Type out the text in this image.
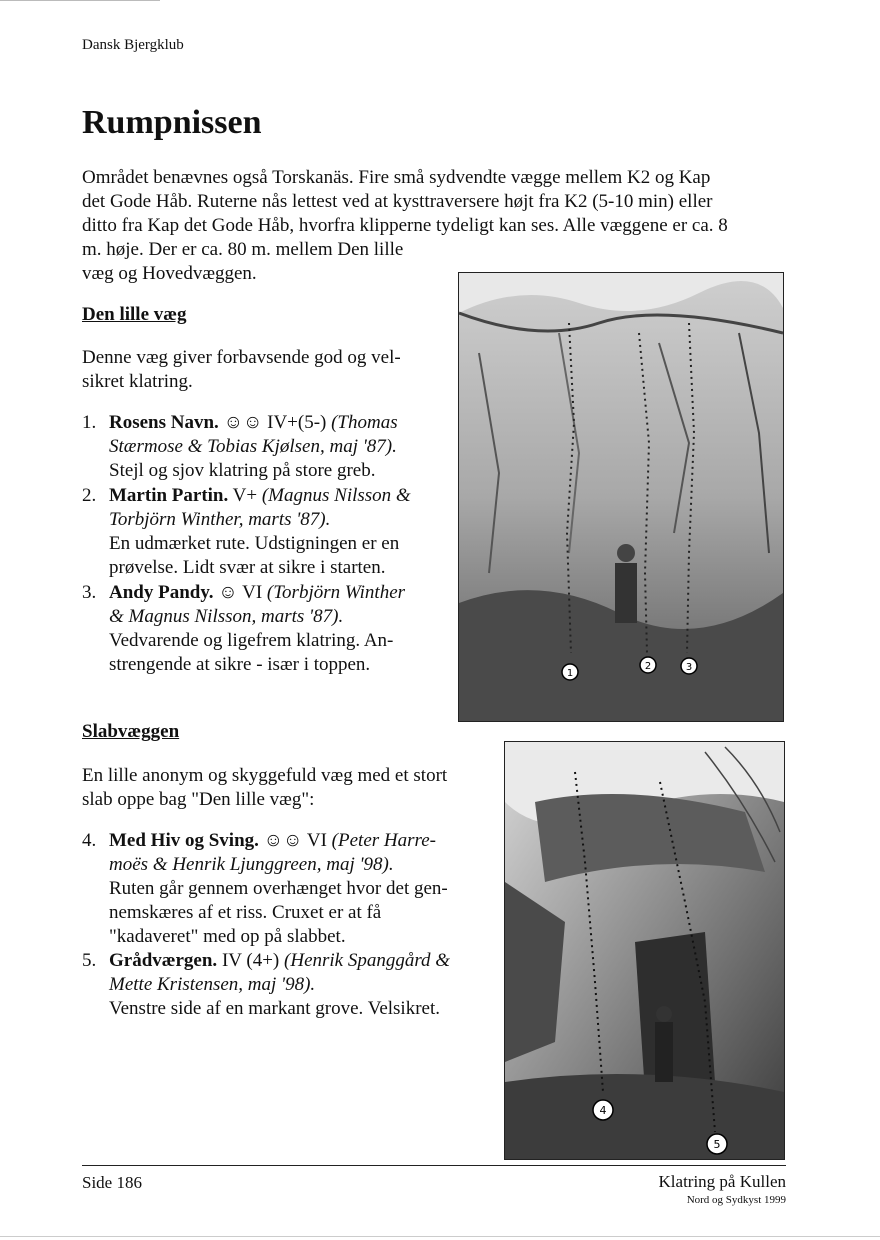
Dansk Bjergklub
Rumpnissen
Området benævnes også Torskanäs. Fire små sydvendte vægge mellem K2 og Kap
det Gode Håb. Ruterne nås lettest ved at kysttraversere højt fra K2 (5-10 min) eller
ditto fra Kap det Gode Håb, hvorfra klipperne tydeligt kan ses. Alle væggene er ca. 8
m. høje. Der er ca. 80 m. mellem Den lille
væg og Hovedvæggen.
Den lille væg
Denne væg giver forbavsende god og vel-
sikret klatring.
1. Rosens Navn. ☺☺ IV+(5-) (Thomas
Stærmose & Tobias Kjølsen, maj '87).
Stejl og sjov klatring på store greb.
2. Martin Partin. V+ (Magnus Nilsson &
Torbjörn Winther, marts '87).
En udmærket rute. Udstigningen er en
prøvelse. Lidt svær at sikre i starten.
3. Andy Pandy. ☺ VI (Torbjörn Winther
& Magnus Nilsson, marts '87).
Vedvarende og ligefrem klatring. An-
strengende at sikre - især i toppen.	1
2	3
Slabvæggen
En lille anonym og skyggefuld væg med et stort
slab oppe bag "Den lille væg":
4. Med Hiv og Sving. ☺☺ VI (Peter Harre-
moës & Henrik Ljunggreen, maj '98).
Ruten går gennem overhænget hvor det gen-
nemskæres af et riss. Cruxet er at få
"kadaveret" med op på slabbet.
5. Grådværgen. IV (4+) (Henrik Spanggård &
Mette Kristensen, maj '98).
Venstre side af en markant grove. Velsikret.
4
5
Side 186	Klatring på Kullen
Nord og Sydkyst 1999
